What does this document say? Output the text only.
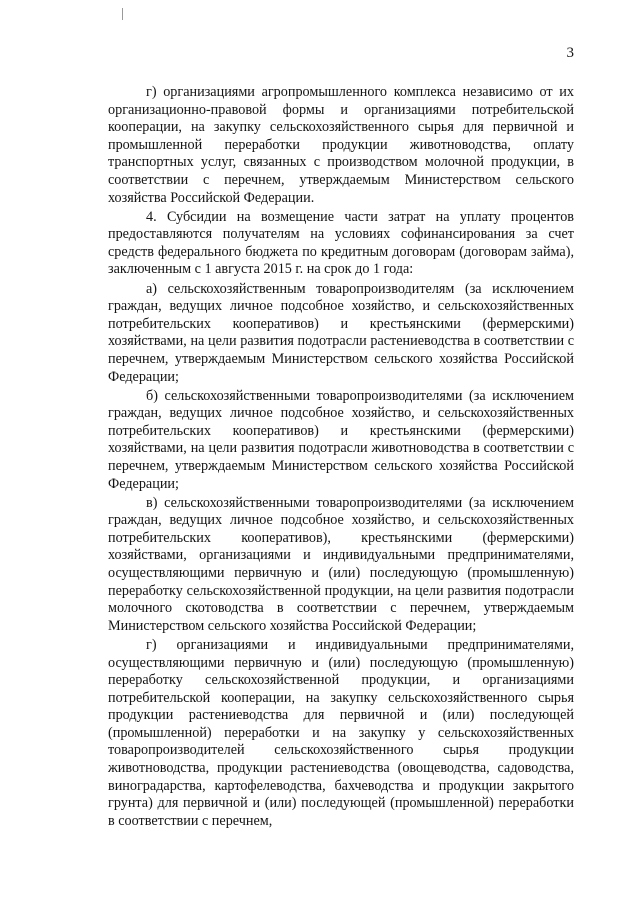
3

г) организациями агропромышленного комплекса независимо от их организационно-правовой формы и организациями потребительской кооперации, на закупку сельскохозяйственного сырья для первичной и промышленной переработки продукции животноводства, оплату транспортных услуг, связанных с производством молочной продукции, в соответствии с перечнем, утверждаемым Министерством сельского хозяйства Российской Федерации.

4. Субсидии на возмещение части затрат на уплату процентов предоставляются получателям на условиях софинансирования за счет средств федерального бюджета по кредитным договорам (договорам займа), заключенным с 1 августа 2015 г. на срок до 1 года:

а) сельскохозяйственным товаропроизводителям (за исключением граждан, ведущих личное подсобное хозяйство, и сельскохозяйственных потребительских кооперативов) и крестьянскими (фермерскими) хозяйствами, на цели развития подотрасли растениеводства в соответствии с перечнем, утверждаемым Министерством сельского хозяйства Российской Федерации;

б) сельскохозяйственными товаропроизводителями (за исключением граждан, ведущих личное подсобное хозяйство, и сельскохозяйственных потребительских кооперативов) и крестьянскими (фермерскими) хозяйствами, на цели развития подотрасли животноводства в соответствии с перечнем, утверждаемым Министерством сельского хозяйства Российской Федерации;

в) сельскохозяйственными товаропроизводителями (за исключением граждан, ведущих личное подсобное хозяйство, и сельскохозяйственных потребительских кооперативов), крестьянскими (фермерскими) хозяйствами, организациями и индивидуальными предпринимателями, осуществляющими первичную и (или) последующую (промышленную) переработку сельскохозяйственной продукции, на цели развития подотрасли молочного скотоводства в соответствии с перечнем, утверждаемым Министерством сельского хозяйства Российской Федерации;

г) организациями и индивидуальными предпринимателями, осуществляющими первичную и (или) последующую (промышленную) переработку сельскохозяйственной продукции, и организациями потребительской кооперации, на закупку сельскохозяйственного сырья продукции растениеводства для первичной и (или) последующей (промышленной) переработки и на закупку у сельскохозяйственных товаропроизводителей сельскохозяйственного сырья продукции животноводства, продукции растениеводства (овощеводства, садоводства, виноградарства, картофелеводства, бахчеводства и продукции закрытого грунта) для первичной и (или) последующей (промышленной) переработки в соответствии с перечнем,
